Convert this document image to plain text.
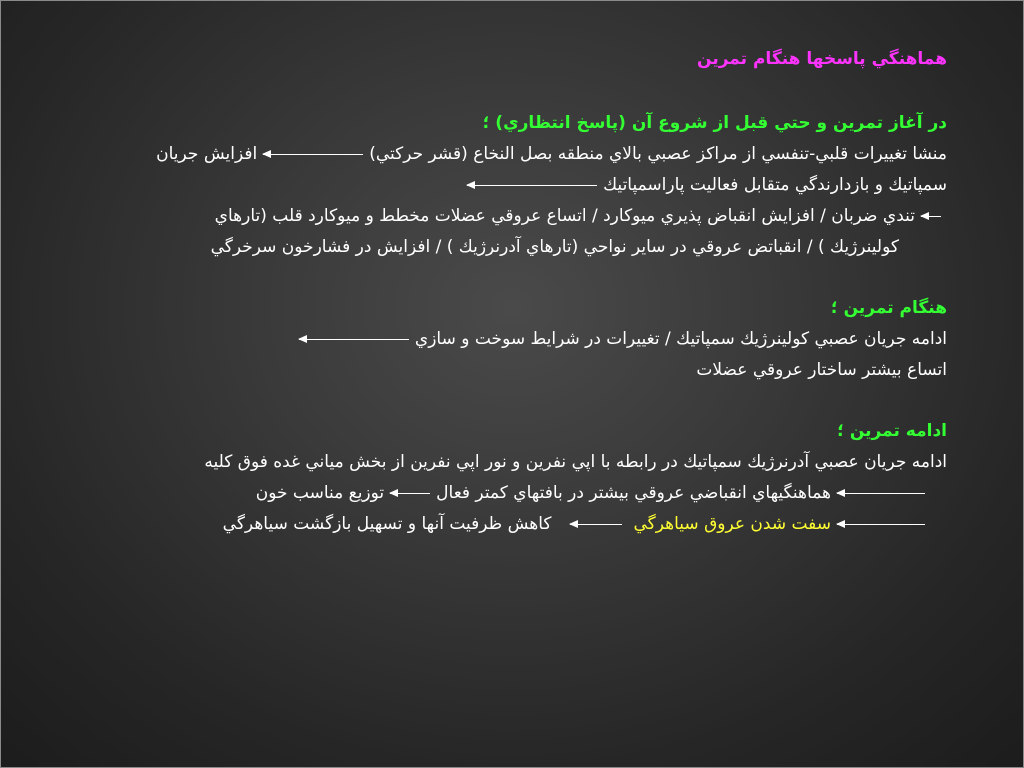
هماهنگي پاسخها هنگام تمرين
در آغاز تمرين و حتي قبل از شروع آن (پاسخ انتظاري) ؛
منشا تغييرات قلبي-تنفسي از مراكز عصبي بالاي منطقه بصل النخاع (قشر حركتي)افزايش جريان
سمپاتيك و بازدارندگي متقابل فعاليت پاراسمپاتيك
تندي ضربان / افزايش انقباض پذيري ميوكارد / اتساع عروقي عضلات مخطط و ميوكارد قلب (تارهاي
كولينرژيك ) / انقباتض عروقي در ساير نواحي (تارهاي آدرنرژيك ) / افزايش در فشارخون سرخرگي
هنگام تمرين ؛
ادامه جريان عصبي كولينرژيك سمپاتيك / تغييرات در شرايط سوخت و سازي
اتساع بيشتر ساختار عروقي عضلات
ادامه تمرين ؛
ادامه جريان عصبي آدرنرژيك سمپاتيك در رابطه با اپي نفرين و نور اپي نفرين از بخش مياني غده فوق كليه
هماهنگيهاي انقباضي عروقي بيشتر در بافتهاي كمتر فعالتوزيع مناسب خون
سفت شدن عروق سياهرگيكاهش ظرفيت آنها و تسهيل بازگشت سياهرگي
